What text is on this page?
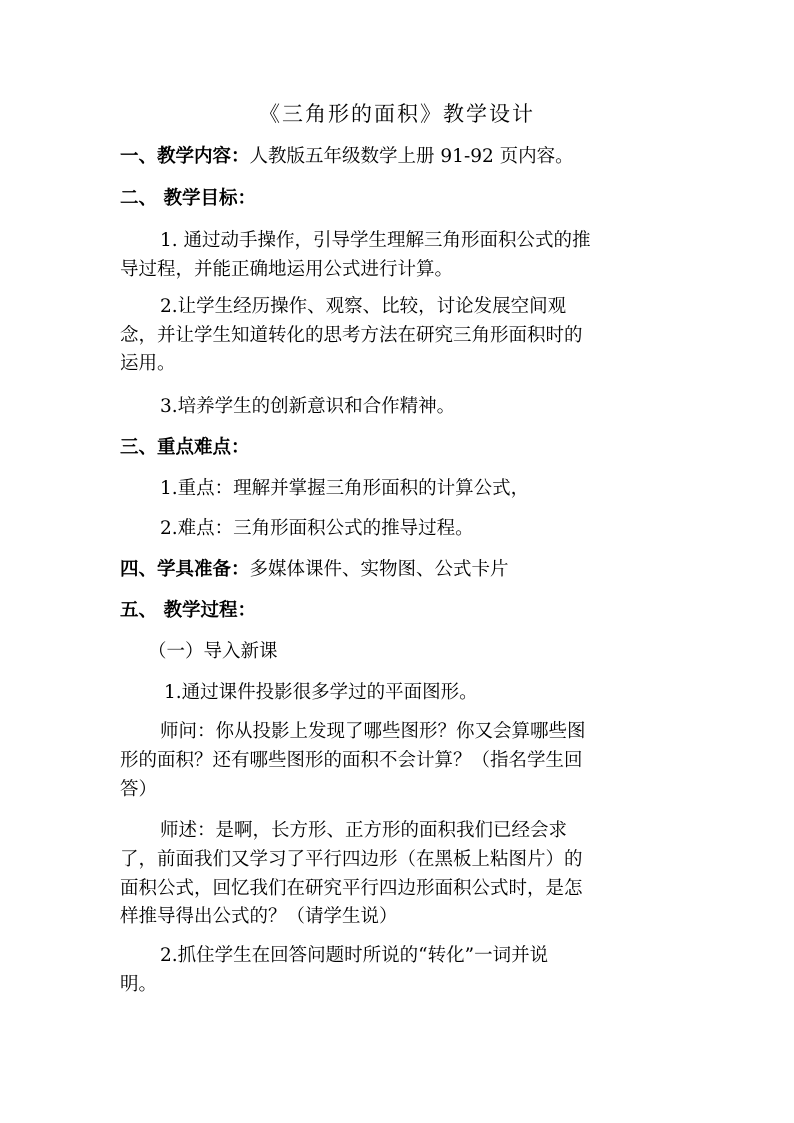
《三角形的面积》教学设计
一、教学内容：人教版五年级数学上册 91-92 页内容。
二、 教学目标：
1. 通过动手操作，引导学生理解三角形面积公式的推
导过程，并能正确地运用公式进行计算。
2.让学生经历操作、观察、比较，讨论发展空间观
念，并让学生知道转化的思考方法在研究三角形面积时的
运用。
3.培养学生的创新意识和合作精神。
三、重点难点：
1.重点：理解并掌握三角形面积的计算公式，
2.难点：三角形面积公式的推导过程。
四、学具准备：多媒体课件、实物图、公式卡片
五、 教学过程：
（一）导入新课
1.通过课件投影很多学过的平面图形。
师问：你从投影上发现了哪些图形？你又会算哪些图
形的面积？还有哪些图形的面积不会计算？（指名学生回
答）
师述：是啊，长方形、正方形的面积我们已经会求
了，前面我们又学习了平行四边形（在黑板上粘图片）的
面积公式，回忆我们在研究平行四边形面积公式时，是怎
样推导得出公式的？（请学生说）
2.抓住学生在回答问题时所说的“转化”一词并说
明。
